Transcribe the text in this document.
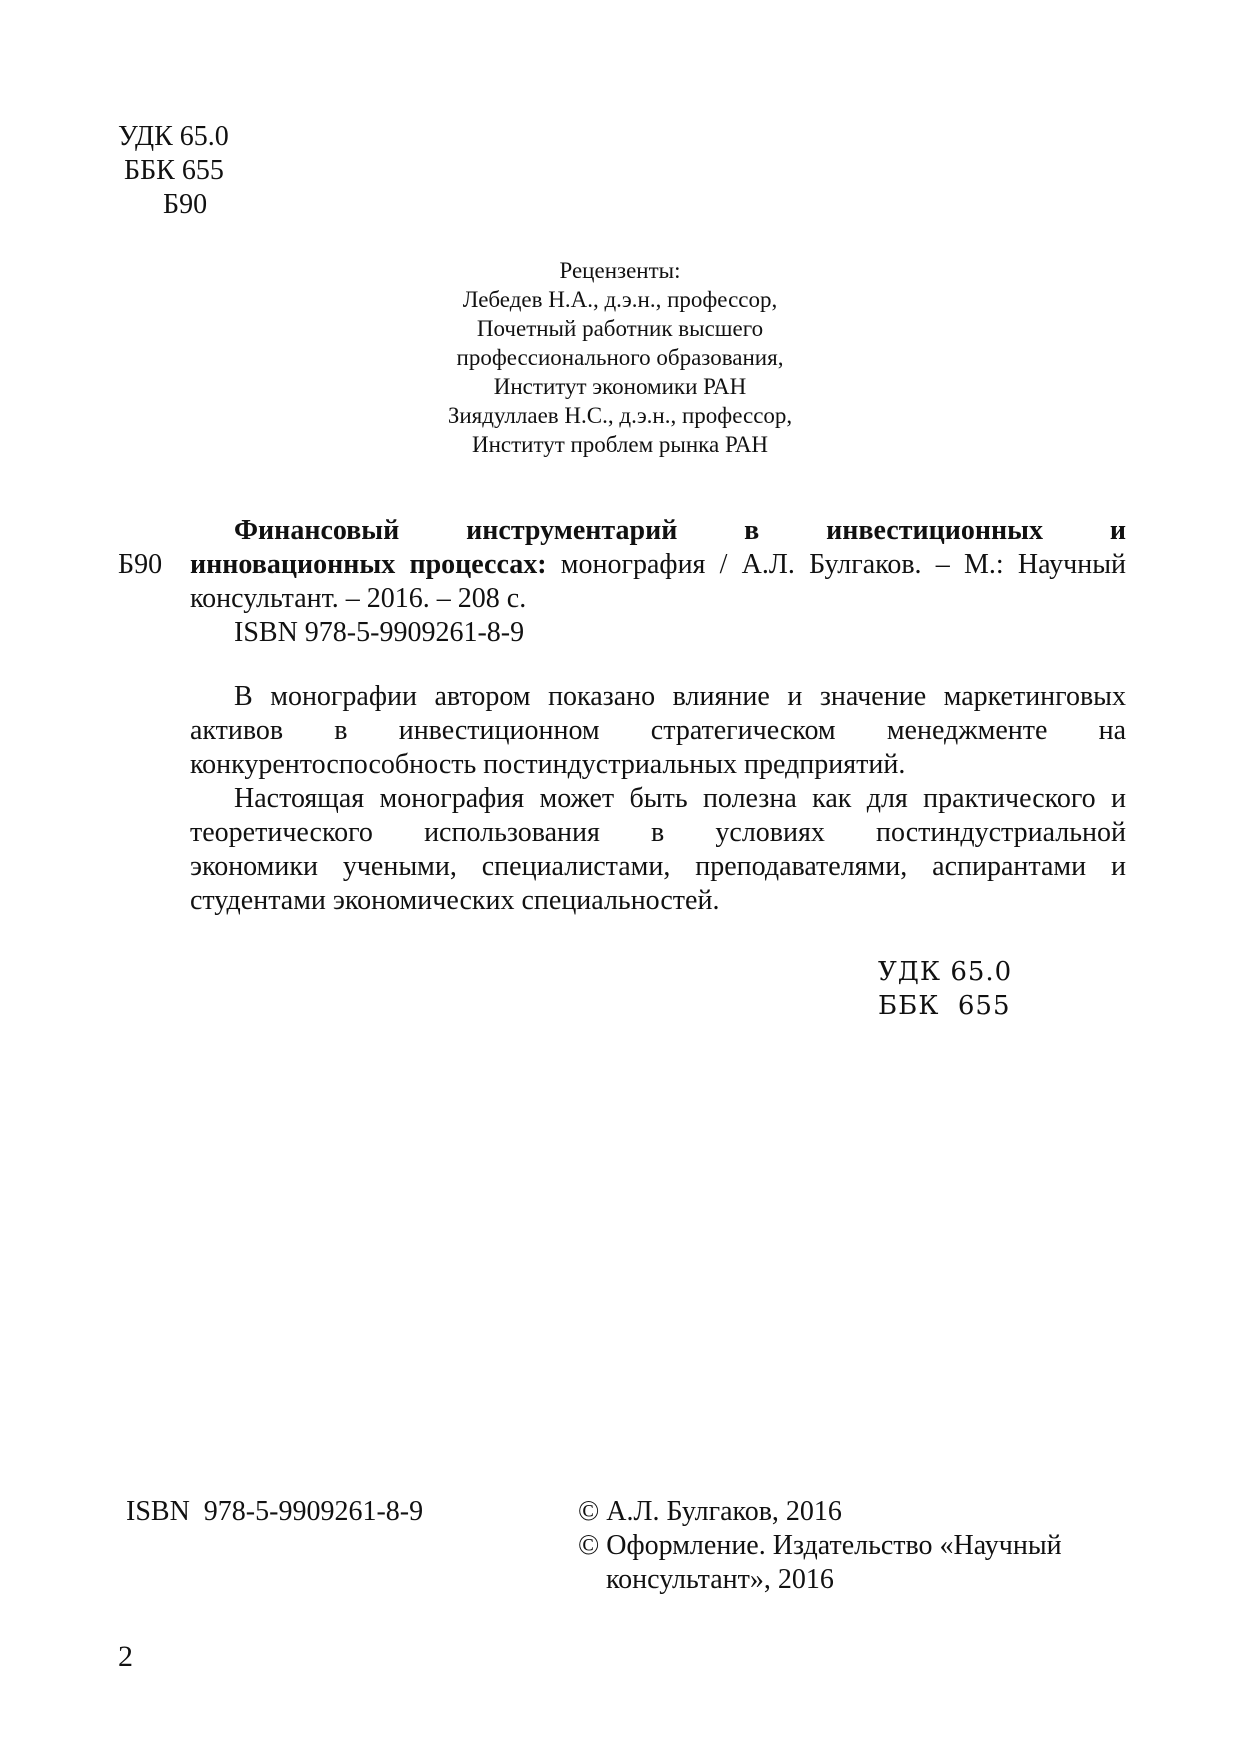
УДК 65.0
ББК 655
Б90
Рецензенты:
Лебедев Н.А., д.э.н., профессор,
Почетный работник высшего
профессионального образования,
Институт экономики РАН
Зиядуллаев Н.С., д.э.н., профессор,
Институт проблем рынка РАН
Б90
Финансовый инструментарий в инвестиционных и
инновационных процессах: монография / А.Л. Булгаков. – М.: Научный
консультант. – 2016. – 208 с.
ISBN 978-5-9909261-8-9
В монографии автором показано влияние и значение маркетинговых
активов в инвестиционном стратегическом менеджменте на
конкурентоспособность постиндустриальных предприятий.
Настоящая монография может быть полезна как для практического и
теоретического использования в условиях постиндустриальной
экономики учеными, специалистами, преподавателями, аспирантами и
студентами экономических специальностей.
УДК 65.0
ББК  655
ISBN  978-5-9909261-8-9	© А.Л. Булгаков, 2016
© Оформление. Издательство «Научный
консультант», 2016
2
